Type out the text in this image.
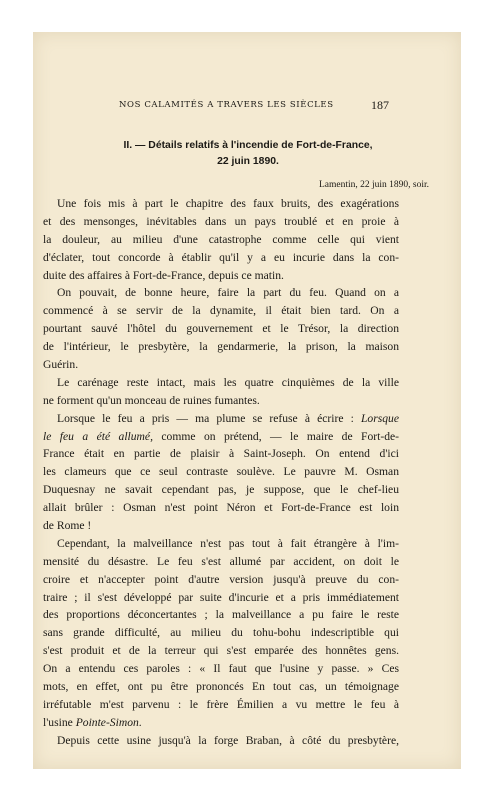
NOS CALAMITÉS A TRAVERS LES SIÈCLES	187
II. — Détails relatifs à l'incendie de Fort-de-France,
22 juin 1890.
Lamentin, 22 juin 1890, soir.
Une fois mis à part le chapitre des faux bruits, des exagérations
et des mensonges, inévitables dans un pays troublé et en proie à
la douleur, au milieu d'une catastrophe comme celle qui vient
d'éclater, tout concorde à établir qu'il y a eu incurie dans la con-
duite des affaires à Fort-de-France, depuis ce matin.
On pouvait, de bonne heure, faire la part du feu. Quand on a
commencé à se servir de la dynamite, il était bien tard. On a
pourtant sauvé l'hôtel du gouvernement et le Trésor, la direction
de l'intérieur, le presbytère, la gendarmerie, la prison, la maison
Guérin.
Le carénage reste intact, mais les quatre cinquièmes de la ville
ne forment qu'un monceau de ruines fumantes.
Lorsque le feu a pris — ma plume se refuse à écrire : Lorsque
le feu a été allumé, comme on prétend, — le maire de Fort-de-
France était en partie de plaisir à Saint-Joseph. On entend d'ici
les clameurs que ce seul contraste soulève. Le pauvre M. Osman
Duquesnay ne savait cependant pas, je suppose, que le chef-lieu
allait brûler : Osman n'est point Néron et Fort-de-France est loin
de Rome !
Cependant, la malveillance n'est pas tout à fait étrangère à l'im-
mensité du désastre. Le feu s'est allumé par accident, on doit le
croire et n'accepter point d'autre version jusqu'à preuve du con-
traire ; il s'est développé par suite d'incurie et a pris immédiatement
des proportions déconcertantes ; la malveillance a pu faire le reste
sans grande difficulté, au milieu du tohu-bohu indescriptible qui
s'est produit et de la terreur qui s'est emparée des honnêtes gens.
On a entendu ces paroles : « Il faut que l'usine y passe. » Ces
mots, en effet, ont pu être prononcés En tout cas, un témoignage
irréfutable m'est parvenu : le frère Émilien a vu mettre le feu à
l'usine Pointe-Simon.
Depuis cette usine jusqu'à la forge Braban, à côté du presbytère,
